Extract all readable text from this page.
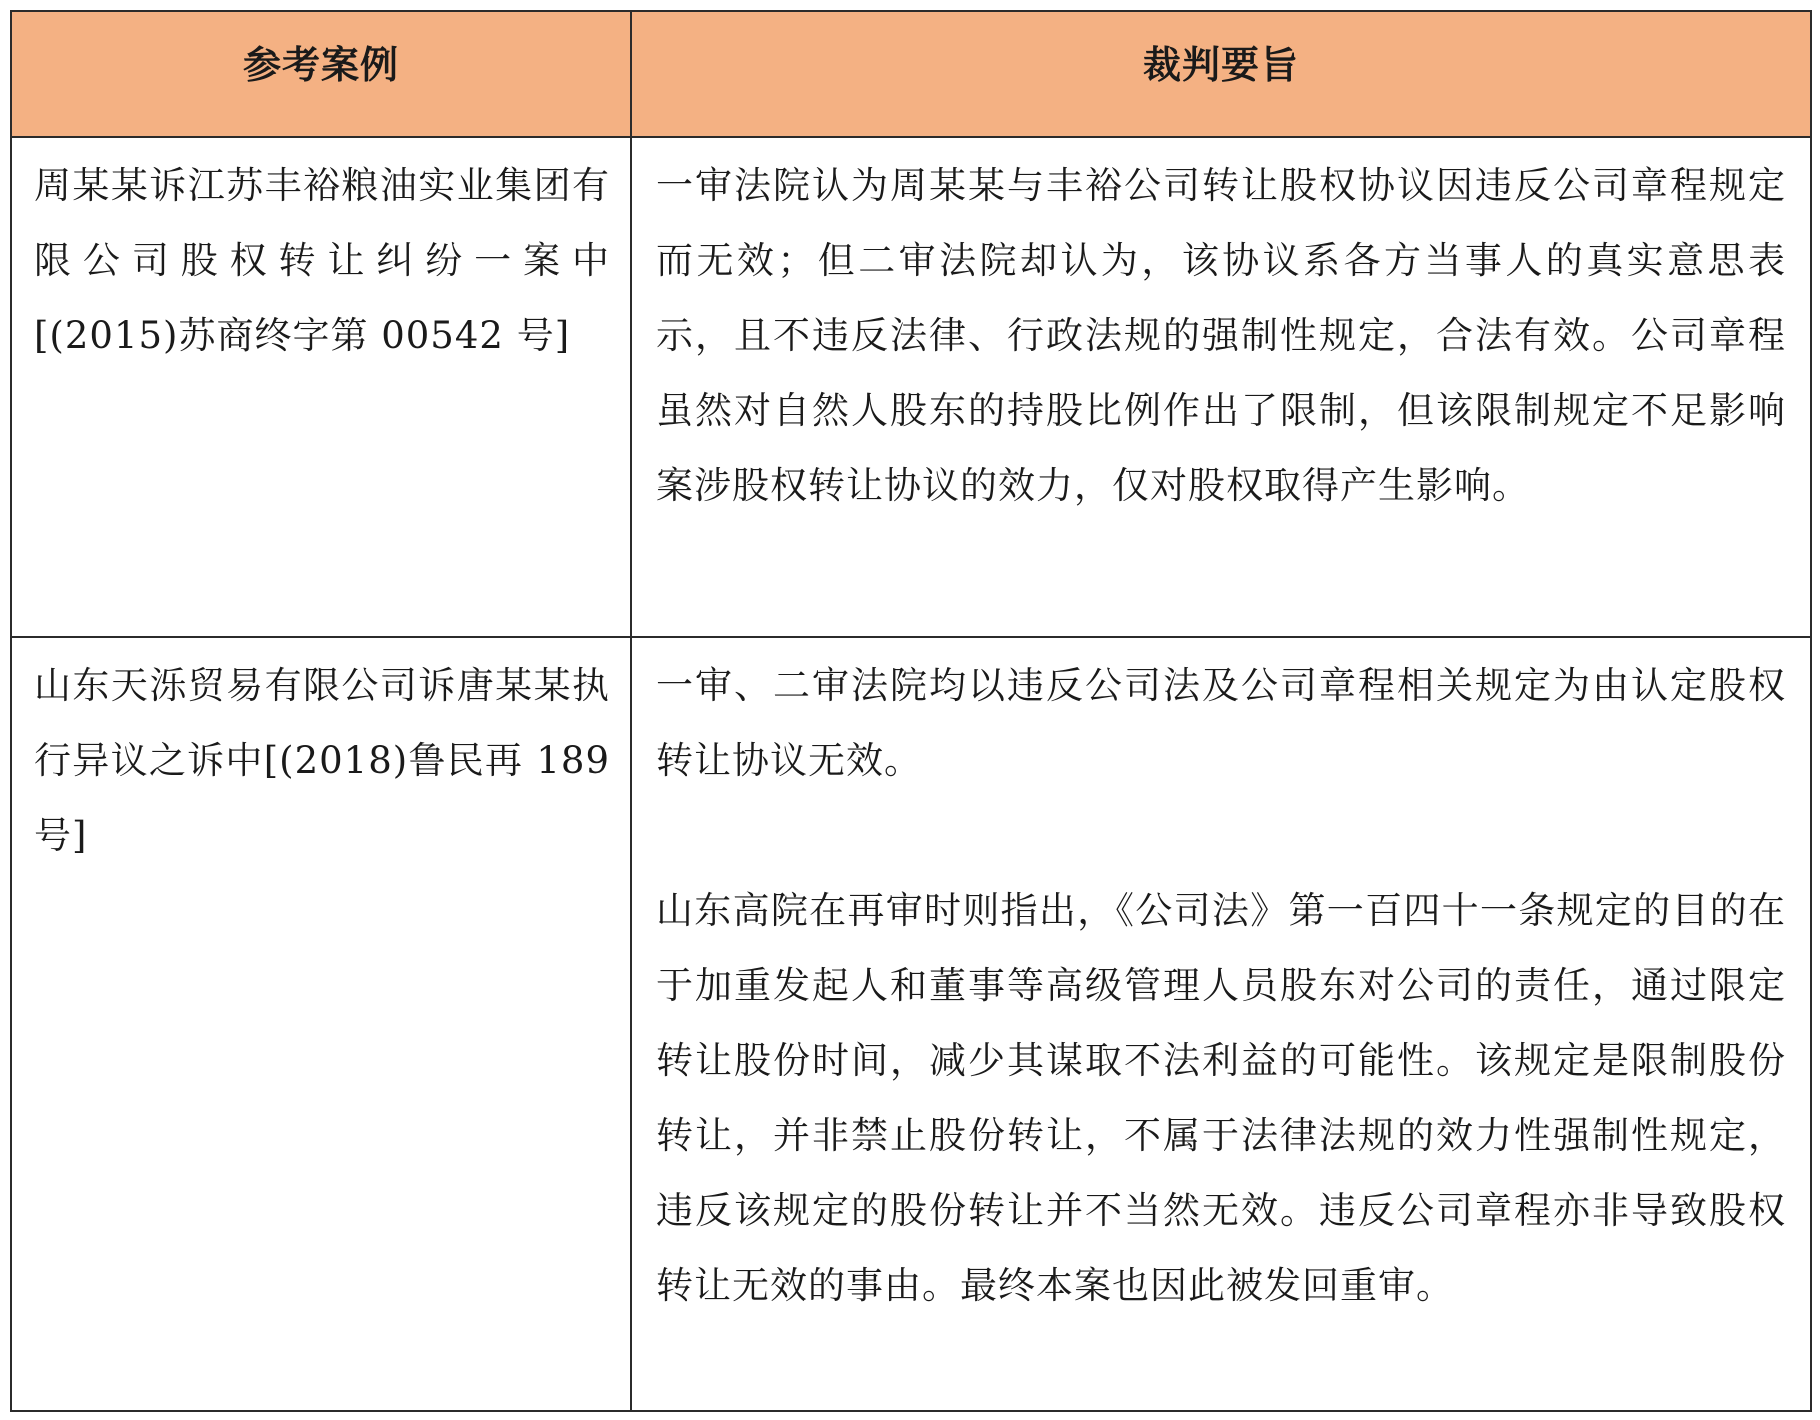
参考案例	裁判要旨

周某某诉江苏丰裕粮油实业集团有限公司股权转让纠纷一案中[(2015)苏商终字第 00542 号]	一审法院认为周某某与丰裕公司转让股权协议因违反公司章程规定而无效；但二审法院却认为，该协议系各方当事人的真实意思表示，且不违反法律、行政法规的强制性规定，合法有效。公司章程虽然对自然人股东的持股比例作出了限制，但该限制规定不足影响案涉股权转让协议的效力，仅对股权取得产生影响。

山东天泺贸易有限公司诉唐某某执行异议之诉中[(2018)鲁民再 189 号]	一审、二审法院均以违反公司法及公司章程相关规定为由认定股权转让协议无效。

山东高院在再审时则指出，《公司法》第一百四十一条规定的目的在于加重发起人和董事等高级管理人员股东对公司的责任，通过限定转让股份时间，减少其谋取不法利益的可能性。该规定是限制股份转让，并非禁止股份转让，不属于法律法规的效力性强制性规定，违反该规定的股份转让并不当然无效。违反公司章程亦非导致股权转让无效的事由。最终本案也因此被发回重审。
